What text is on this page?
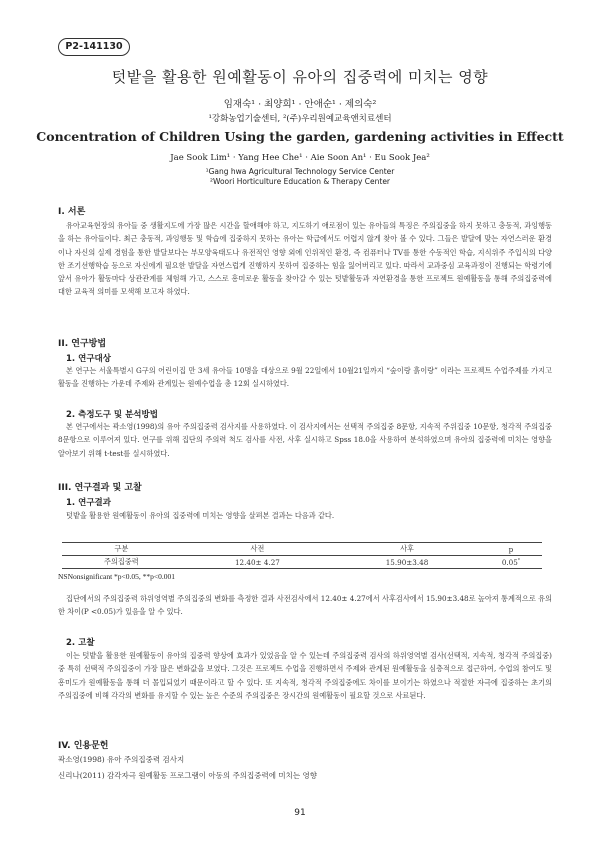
P2-141130
텃밭을 활용한 원예활동이 유아의 집중력에 미치는 영향
임재숙¹ · 최양희¹ · 안애순¹ · 제의숙²
¹강화농업기술센터, ²(주)우리원예교육앤치료센터
Concentration of Children Using the garden, gardening activities in Effectt
Jae Sook Lim¹ · Yang Hee Che¹ · Aie Soon An¹ · Eu Sook Jea²
¹Gang hwa Agricultural Technology Service Center
²Woori Horticulture Education & Therapy Center
I. 서론
유아교육현장의 유아들 중 생활지도에 가장 많은 시간을 할애해야 하고, 지도하기 애로점이 있는 유아들의 특징은 주의집중을 하지 못하고 충동적, 과잉행동을 하는 유아들이다. 최근 충동적, 과잉행동 및 학습에 집중하지 못하는 유아는 학급에서도 어렵지 않게 찾아 볼 수 있다. 그들은 발달에 맞는 자연스러운 환경이나 자신의 실제 경험을 통한 발달보다는 부모양육태도나 유전적인 영향 외에 인위적인 환경, 즉 컴퓨터나 TV를 통한 수동적인 학습, 지식위주 주입식의 다양한 조기선행학습 등으로 자신에게 필요한 발달을 자연스럽게 진행하지 못하여 집중하는 힘을 잃어버리고 있다. 따라서 교과중심 교육과정이 진행되는 학령기에 앞서 유아가 활동마다 상관관계를 체험해 가고, 스스로 흥미로운 활동을 찾아갈 수 있는 텃밭활동과 자연환경을 통한 프로젝트 원예활동을 통해 주의집중력에 대한 교육적 의미를 모색해 보고자 하였다.
II. 연구방법
1. 연구대상
본 연구는 서울특별시 G구의 어린이집 만 3세 유아들 10명을 대상으로 9월 22일에서 10월21일까지 “숲이랑 흙이랑” 이라는 프로젝트 수업주제를 가지고 활동을 진행하는 가운데 주제와 관계있는 원예수업을 총 12회 실시하였다.
2. 측정도구 및 분석방법
본 연구에서는 곽소영(1998)의 유아 주의집중력 검사지를 사용하였다. 이 검사지에서는 선택적 주의집중 8문항, 지속적 주위집중 10문항, 청각적 주의집중 8문항으로 이루어져 있다. 연구를 위해 집단의 주의력 척도 검사를 사전, 사후 실시하고 Spss 18.0을 사용하여 분석하였으며 유아의 집중력에 미치는 영향을 알아보기 위해 t-test를 실시하였다.
III. 연구결과 및 고찰
1. 연구결과
텃밭을 활용한 원예활동이 유아의 집중력에 미치는 영향을 살펴본 결과는 다음과 같다.
구분	사전	사후	p
주의집중력	12.40± 4.27	15.90±3.48	0.05*
NSNonsignificant *p<0.05, **p<0.001
집단에서의 주의집중력 하위영역별 주의집중의 변화를 측정한 결과 사전검사에서 12.40± 4.27에서 사후검사에서 15.90±3.48로 높아져 통계적으로 유의한 차이(P <0.05)가 있음을 알 수 있다.
2. 고찰
이는 텃밭을 활용한 원예활동이 유아의 집중력 향상에 효과가 있었음을 알 수 있는데 주의집중력 검사의 하위영역별 검사(선택적, 지속적, 청각적 주의집중)중 특히 선택적 주의집중이 가장 많은 변화값을 보였다. 그것은 프로젝트 수업을 진행하면서 주제와 관계된 원예활동을 심층적으로 접근하여, 수업의 참여도 및 흥미도가 원예활동을 통해 더 몰입되었기 때문이라고 할 수 있다. 또 지속적, 청각적 주의집중에도 차이를 보이기는 하였으나 적절한 자극에 집중하는 초기의 주의집중에 비해 각각의 변화를 유지할 수 있는 높은 수준의 주의집중은 장시간의 원예활동이 필요할 것으로 사료된다.
IV. 인용문헌
곽소영(1998) 유아 주의집중력 검사지
신리나(2011) 감각자극 원예활동 프로그램이 아동의 주의집중력에 미치는 영향
91
